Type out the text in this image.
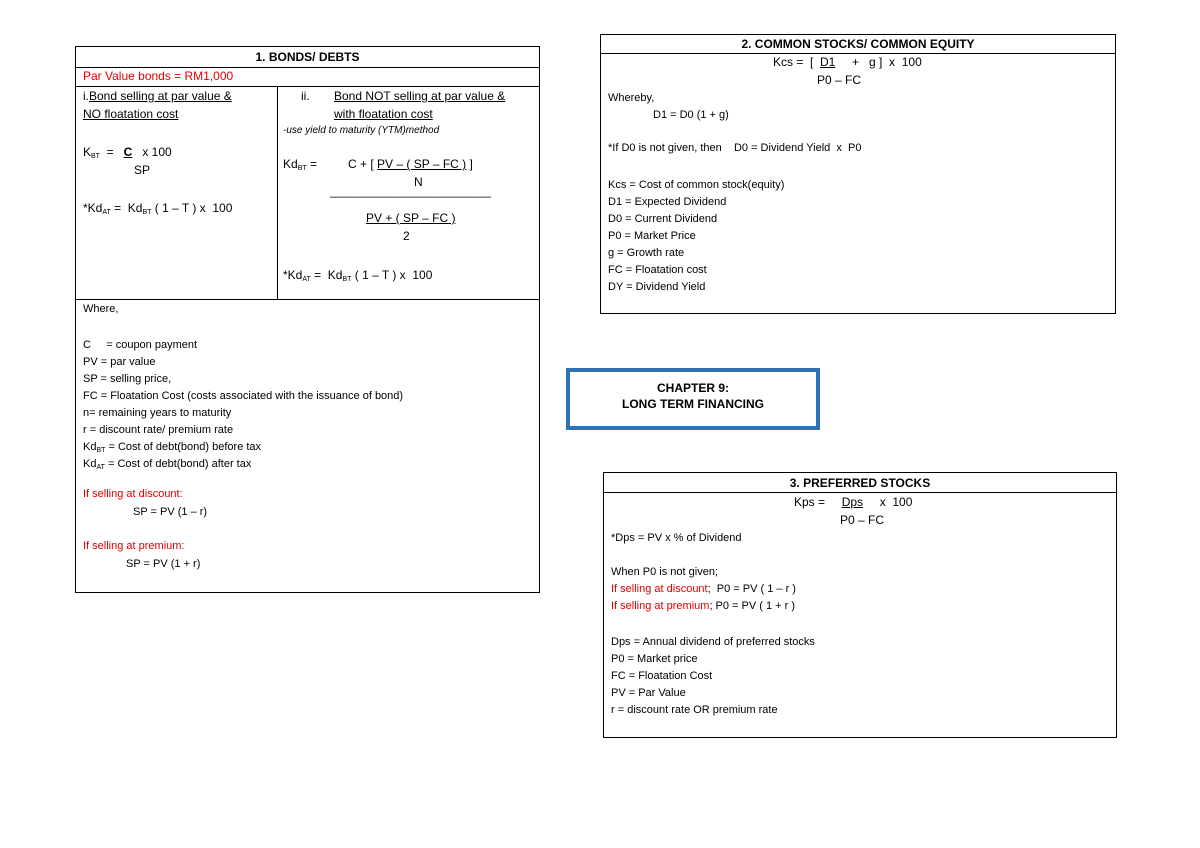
1. BONDS/ DEBTS
Par Value bonds = RM1,000
i.Bond selling at par value &
NO floatation cost
$K_{BT} = C$   x 100
SP
$*Kd_{AT} = Kd_{BT}$ ( 1 – T ) x  100
ii. Bond NOT selling at par value &
with floatation cost
-use yield to maturity (YTM)method
$Kd_{BT}$ =	C + [ PV – ( SP – FC ) ]
N
————————————————
PV + ( SP – FC )
2
$*Kd_{AT} = Kd_{BT}$ ( 1 – T ) x  100
Where,
C     = coupon payment
PV = par value
SP = selling price,
FC = Floatation Cost (costs associated with the issuance of bond)
n= remaining years to maturity
r = discount rate/ premium rate
$Kd_{BT}$ = Cost of debt(bond) before tax
$Kd_{AT}$ = Cost of debt(bond) after tax
If selling at discount:
SP = PV (1 – r)
If selling at premium:
SP = PV (1 + r)
2. COMMON STOCKS/ COMMON EQUITY
Kcs =  [  D1     +   g ]  x  100
P0 – FC
Whereby,
D1 = D0 (1 + g)
*If D0 is not given, then    D0 = Dividend Yield  x  P0
Kcs = Cost of common stock(equity)
D1 = Expected Dividend
D0 = Current Dividend
P0 = Market Price
g = Growth rate
FC = Floatation cost
DY = Dividend Yield
CHAPTER 9:
LONG TERM FINANCING
3. PREFERRED STOCKS
Kps =     Dps     x  100
P0 – FC
*Dps = PV x % of Dividend
When P0 is not given;
If selling at discount;  P0 = PV ( 1 – r )
If selling at premium; P0 = PV ( 1 + r )
Dps = Annual dividend of preferred stocks
P0 = Market price
FC = Floatation Cost
PV = Par Value
r = discount rate OR premium rate
